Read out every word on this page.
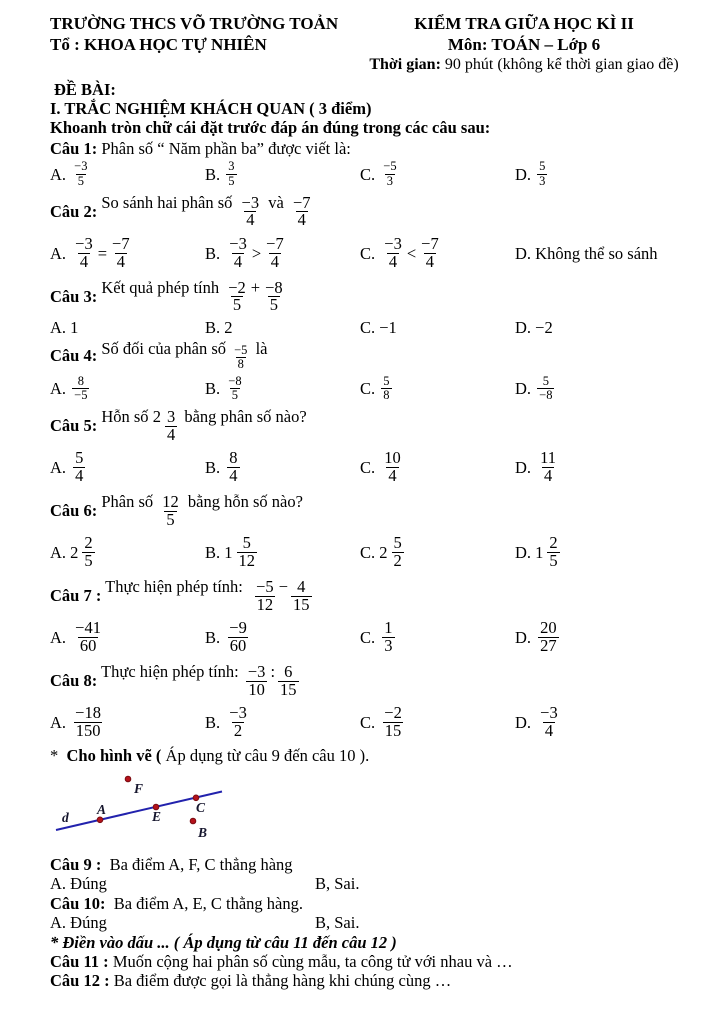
TRƯỜNG THCS VÕ TRƯỜNG TOẢN
Tổ : KHOA HỌC TỰ NHIÊN
KIỂM TRA GIỮA HỌC KÌ II
Môn: TOÁN – Lớp 6
Thời gian: 90 phút (không kể thời gian giao đề)
ĐỀ BÀI:
I. TRẮC NGHIỆM KHÁCH QUAN ( 3 điểm)
Khoanh tròn chữ cái đặt trước đáp án đúng trong các câu sau:
Câu 1: Phân số “ Năm phần ba” được viết là:
A. $\frac{-3}{5}$	B. $\frac{3}{5}$	C. $\frac{-5}{3}$	D. $\frac{5}{3}$
Câu 2: So sánh hai phân số $\frac{-3}{4}$ và $\frac{-7}{4}$
A. $\frac{-3}{4} = \frac{-7}{4}$	B. $\frac{-3}{4} > \frac{-7}{4}$	C. $\frac{-3}{4} < \frac{-7}{4}$	D. Không thể so sánh
Câu 3: Kết quả phép tính $\frac{-2}{5} + \frac{-8}{5}$
A. 1	B. 2	C. −1	D. −2
Câu 4: Số đối của phân số $\frac{-5}{8}$ là
A. $\frac{8}{-5}$	B. $\frac{-8}{5}$	C. $\frac{5}{8}$	D. $\frac{5}{-8}$
Câu 5: Hỗn số $2 \frac{3}{4}$ bằng phân số nào?
A. $\frac{5}{4}$	B. $\frac{8}{4}$	C. $\frac{10}{4}$	D. $\frac{11}{4}$
Câu 6: Phân số $\frac{12}{5}$ bằng hỗn số nào?
A. $2 \frac{2}{5}$	B. $1 \frac{5}{12}$	C. $2 \frac{5}{2}$	D. $1 \frac{2}{5}$
Câu 7 : Thực hiện phép tính: $\frac{-5}{12} - \frac{4}{15}$
A. $\frac{-41}{60}$	B. $\frac{-9}{60}$	C. $\frac{1}{3}$	D. $\frac{20}{27}$
Câu 8: Thực hiện phép tính: $\frac{-3}{10}$ : $\frac{6}{15}$
A. $\frac{-18}{150}$	B. $\frac{-3}{2}$	C. $\frac{-2}{15}$	D. $\frac{-3}{4}$
*  Cho hình vẽ ( Áp dụng từ câu 9 đến câu 10 ).
d
A	E
C
B
F
Câu 9 :  Ba điểm A, F, C thẳng hàng
A. Đúng	B, Sai.
Câu 10:  Ba điểm A, E, C thằng hàng.
A. Đúng	B, Sai.
* Điền vào dấu ... ( Áp dụng từ câu 11 đến câu 12 )
Câu 11 : Muốn cộng hai phân số cùng mẫu, ta công tử với nhau và …
Câu 12 : Ba điểm được gọi là thẳng hàng khi chúng cùng …
